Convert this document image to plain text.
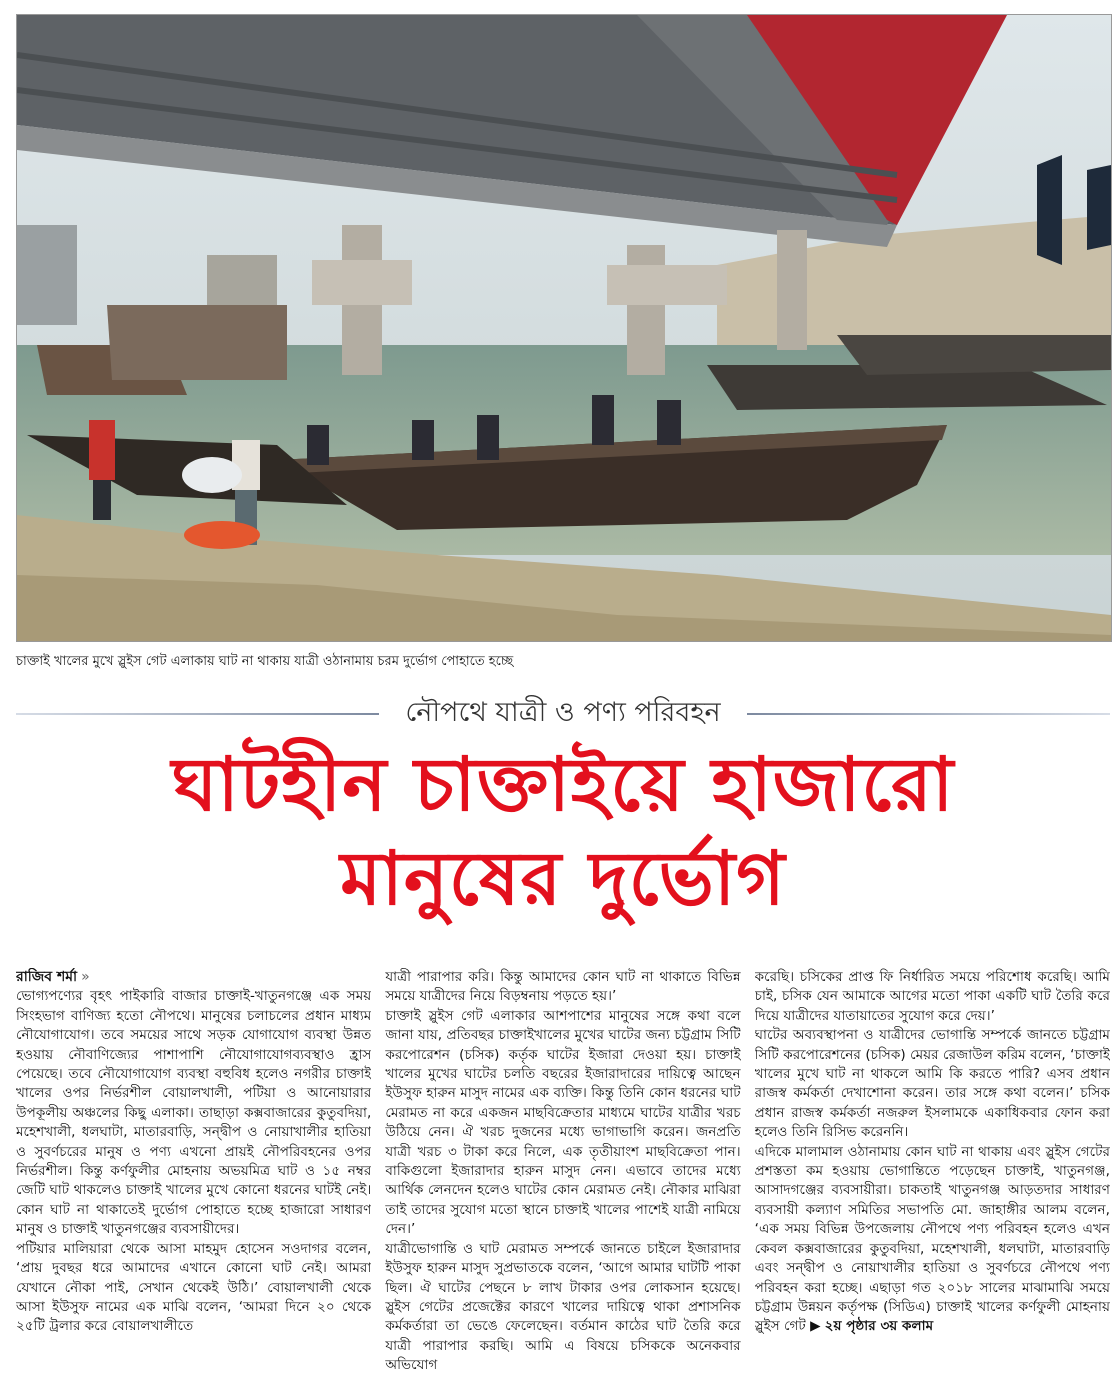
চাক্তাই খালের মুখে স্লুইস গেট এলাকায় ঘাট না থাকায় যাত্রী ওঠানামায় চরম দুর্ভোগ পোহাতে হচ্ছে
নৌপথে যাত্রী ও পণ্য পরিবহন
ঘাটহীন চাক্তাইয়ে হাজারো
মানুষের দুর্ভোগ

রাজিব শর্মা »

ভোগ্যপণ্যের বৃহৎ পাইকারি বাজার চাক্তাই-খাতুনগঞ্জে এক সময় সিংহভাগ বাণিজ্য হতো নৌপথে। মানুষের চলাচলের প্রধান মাধ্যম নৌযোগাযোগ। তবে সময়ের সাথে সড়ক যোগাযোগ ব্যবস্থা উন্নত হওয়ায় নৌবাণিজ্যের পাশাপাশি নৌযোগাযোগব্যবস্থাও হ্রাস পেয়েছে। তবে নৌযোগাযোগ ব্যবস্থা বহুবিধ হলেও নগরীর চাক্তাই খালের ওপর নির্ভরশীল বোয়ালখালী, পটিয়া ও আনোয়ারার উপকূলীয় অঞ্চলের কিছু এলাকা। তাছাড়া কক্সবাজারের কুতুবদিয়া, মহেশখালী, ধলঘাটা, মাতারবাড়ি, সন্দ্বীপ ও নোয়াখালীর হাতিয়া ও সুবর্ণচরের মানুষ ও পণ্য এখনো প্রায়ই নৌপরিবহনের ওপর নির্ভরশীল। কিন্তু কর্ণফুলীর মোহনায় অভয়মিত্র ঘাট ও ১৫ নম্বর জেটি ঘাট থাকলেও চাক্তাই খালের মুখে কোনো ধরনের ঘাটই নেই। কোন ঘাট না থাকাতেই দুর্ভোগ পোহাতে হচ্ছে হাজারো সাধারণ মানুষ ও চাক্তাই খাতুনগঞ্জের ব্যবসায়ীদের।

পটিয়ার মালিয়ারা থেকে আসা মাহমুদ হোসেন সওদাগর বলেন, ‘প্রায় দুবছর ধরে আমাদের এখানে কোনো ঘাট নেই। আমরা যেখানে নৌকা পাই, সেখান থেকেই উঠি।’ বোয়ালখালী থেকে আসা ইউসুফ নামের এক মাঝি বলেন, ‘আমরা দিনে ২০ থেকে ২৫টি ট্রলার করে বোয়ালখালীতে

যাত্রী পারাপার করি। কিন্তু আমাদের কোন ঘাট না থাকাতে বিভিন্ন সময়ে যাত্রীদের নিয়ে বিড়ম্বনায় পড়তে হয়।’

চাক্তাই স্লুইস গেট এলাকার আশপাশের মানুষের সঙ্গে কথা বলে জানা যায়, প্রতিবছর চাক্তাইখালের মুখের ঘাটের জন্য চট্টগ্রাম সিটি করপোরেশন (চসিক) কর্তৃক ঘাটের ইজারা দেওয়া হয়। চাক্তাই খালের মুখের ঘাটের চলতি বছরের ইজারাদারের দায়িত্বে আছেন ইউসুফ হারুন মাসুদ নামের এক ব্যক্তি। কিন্তু তিনি কোন ধরনের ঘাট মেরামত না করে একজন মাছবিক্রেতার মাধ্যমে ঘাটের যাত্রীর খরচ উঠিয়ে নেন। ঐ খরচ দুজনের মধ্যে ভাগাভাগি করেন। জনপ্রতি যাত্রী খরচ ৩ টাকা করে নিলে, এক তৃতীয়াংশ মাছবিক্রেতা পান। বাকিগুলো ইজারাদার হারুন মাসুদ নেন। এভাবে তাদের মধ্যে আর্থিক লেনদেন হলেও ঘাটের কোন মেরামত নেই। নৌকার মাঝিরা তাই তাদের সুযোগ মতো স্থানে চাক্তাই খালের পাশেই যাত্রী নামিয়ে দেন।’

যাত্রীভোগান্তি ও ঘাট মেরামত সম্পর্কে জানতে চাইলে ইজারাদার ইউসুফ হারুন মাসুদ সুপ্রভাতকে বলেন, ‘আগে আমার ঘাটটি পাকা ছিল। ঐ ঘাটের পেছনে ৮ লাখ টাকার ওপর লোকসান হয়েছে। স্লুইস গেটের প্রজেক্টের কারণে খালের দায়িত্বে থাকা প্রশাসনিক কর্মকর্তারা তা ভেঙে ফেলেছেন। বর্তমান কাঠের ঘাট তৈরি করে যাত্রী পারাপার করছি। আমি এ বিষয়ে চসিককে অনেকবার অভিযোগ

করেছি। চসিকের প্রাপ্ত ফি নির্ধারিত সময়ে পরিশোধ করেছি। আমি চাই, চসিক যেন আমাকে আগের মতো পাকা একটি ঘাট তৈরি করে দিয়ে যাত্রীদের যাতায়াতের সুযোগ করে দেয়।’

ঘাটের অব্যবস্থাপনা ও যাত্রীদের ভোগান্তি সম্পর্কে জানতে চট্টগ্রাম সিটি করপোরেশনের (চসিক) মেয়র রেজাউল করিম বলেন, ‘চাক্তাই খালের মুখে ঘাট না থাকলে আমি কি করতে পারি? এসব প্রধান রাজস্ব কর্মকর্তা দেখাশোনা করেন। তার সঙ্গে কথা বলেন।’ চসিক প্রধান রাজস্ব কর্মকর্তা নজরুল ইসলামকে একাধিকবার ফোন করা হলেও তিনি রিসিভ করেননি।

এদিকে মালামাল ওঠানামায় কোন ঘাট না থাকায় এবং স্লুইস গেটের প্রশস্ততা কম হওয়ায় ভোগান্তিতে পড়েছেন চাক্তাই, খাতুনগঞ্জ, আসাদগঞ্জের ব্যবসায়ীরা। চাকতাই খাতুনগঞ্জ আড়তদার সাধারণ ব্যবসায়ী কল্যাণ সমিতির সভাপতি মো. জাহাঙ্গীর আলম বলেন, ‘এক সময় বিভিন্ন উপজেলায় নৌপথে পণ্য পরিবহন হলেও এখন কেবল কক্সবাজারের কুতুবদিয়া, মহেশখালী, ধলঘাটা, মাতারবাড়ি এবং সন্দ্বীপ ও নোয়াখালীর হাতিয়া ও সুবর্ণচরে নৌপথে পণ্য পরিবহন করা হচ্ছে। এছাড়া গত ২০১৮ সালের মাঝামাঝি সময়ে চট্টগ্রাম উন্নয়ন কর্তৃপক্ষ (সিডিএ) চাক্তাই খালের কর্ণফুলী মোহনায় স্লুইস গেট ▶ ২য় পৃষ্ঠার ৩য় কলাম
